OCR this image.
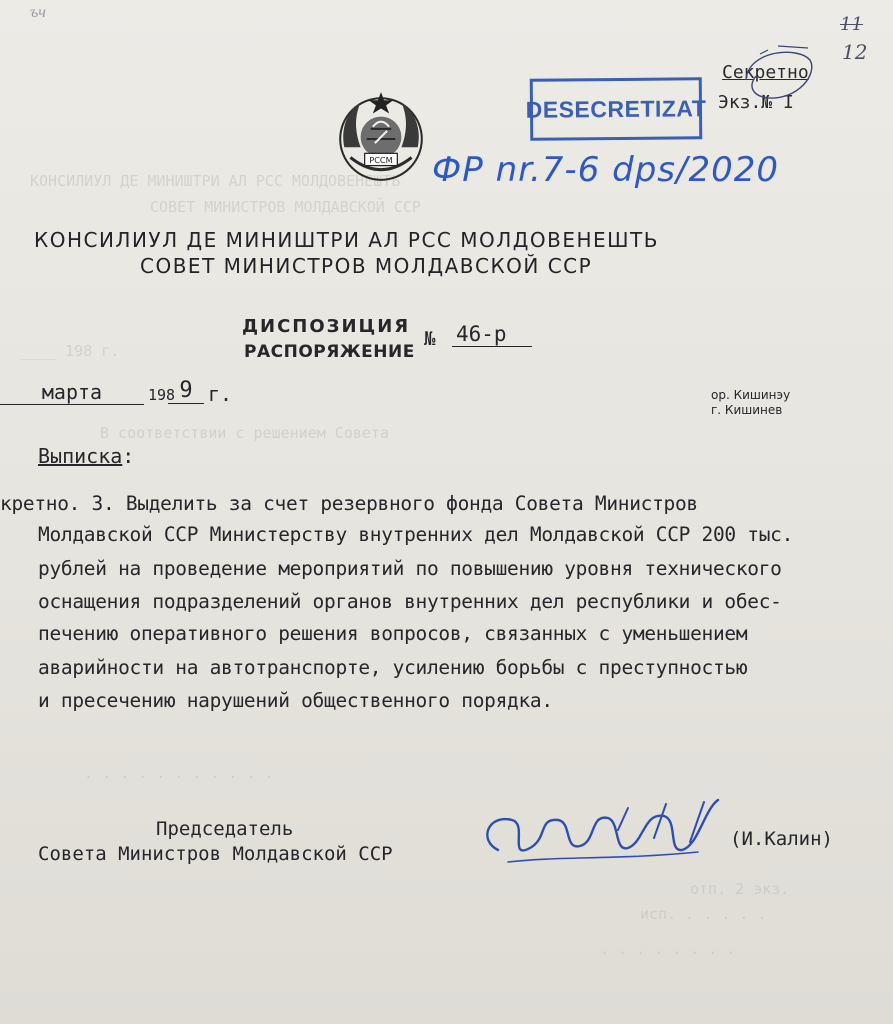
КОНСИЛИУЛ ДЕ МИНИШТРИ АЛ РСС МОЛДОВЕНЕШТЬ
СОВЕТ МИНИСТРОВ МОЛДАВСКОЙ ССР
____ 198 г.
В соответствии с решением Совета
. . . . . . . . . . .
отп. 2 экз.
исп. . . . . .
. . . . . . . .
ъч
11
12
Секретно
Экз.№ I
DESECRETIZAT
ФР nr.7-6 dps/2020
РССМ
КОНСИЛИУЛ ДЕ МИНИШТРИ АЛ РСС МОЛДОВЕНЕШТЬ
СОВЕТ МИНИСТРОВ МОЛДАВСКОЙ ССР
ДИСПОЗИЦИЯ
РАСПОРЯЖЕНИЕ
№ 46-р
марта	198 9 г.	ор. Кишинэу
г. Кишинев
Выписка:
кретно. 3. Выделить за счет резервного фонда Совета Министров
Молдавской ССР Министерству внутренних дел Молдавской ССР 200 тыс.
рублей на проведение мероприятий по повышению уровня технического
оснащения подразделений органов внутренних дел республики и обес-
печению оперативного решения вопросов, связанных с уменьшением
аварийности на автотранспорте, усилению борьбы с преступностью
и пресечению нарушений общественного порядка.
Председатель
Совета Министров Молдавской ССР
(И.Калин)
